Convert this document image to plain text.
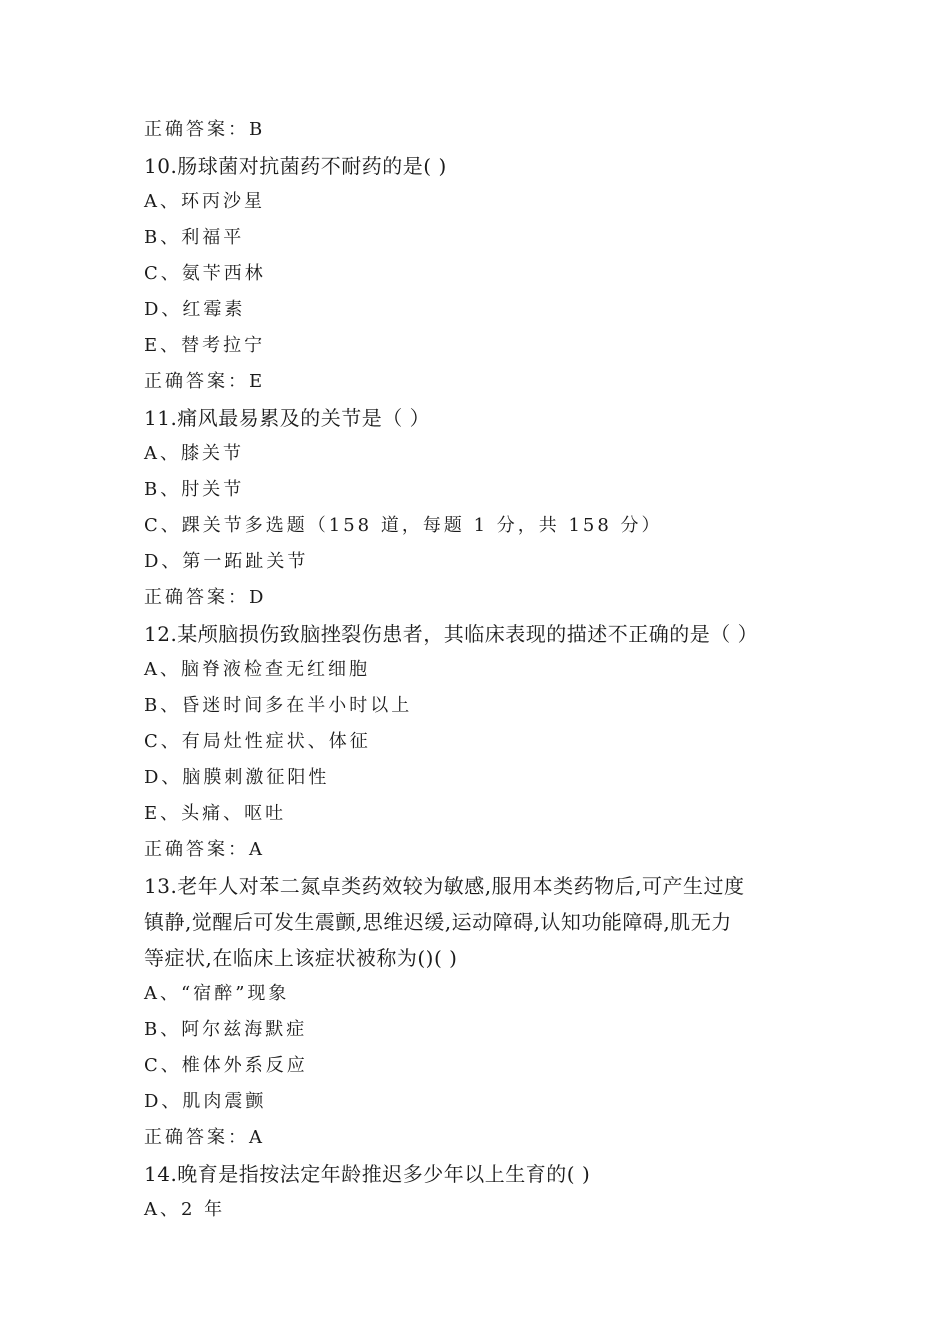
正确答案：B
10.肠球菌对抗菌药不耐药的是( )
A、环丙沙星
B、利福平
C、氨苄西林
D、红霉素
E、替考拉宁
正确答案：E
11.痛风最易累及的关节是（ ）
A、膝关节
B、肘关节
C、踝关节多选题（158 道，每题 1 分，共 158 分）
D、第一跖趾关节
正确答案：D
12.某颅脑损伤致脑挫裂伤患者，其临床表现的描述不正确的是（ ）
A、脑脊液检查无红细胞
B、昏迷时间多在半小时以上
C、有局灶性症状、体征
D、脑膜刺激征阳性
E、头痛、呕吐
正确答案：A
13.老年人对苯二氮卓类药效较为敏感,服用本类药物后,可产生过度
镇静,觉醒后可发生震颤,思维迟缓,运动障碍,认知功能障碍,肌无力
等症状,在临床上该症状被称为()( )
A、“宿醉”现象
B、阿尔兹海默症
C、椎体外系反应
D、肌肉震颤
正确答案：A
14.晚育是指按法定年龄推迟多少年以上生育的( )
A、2 年
